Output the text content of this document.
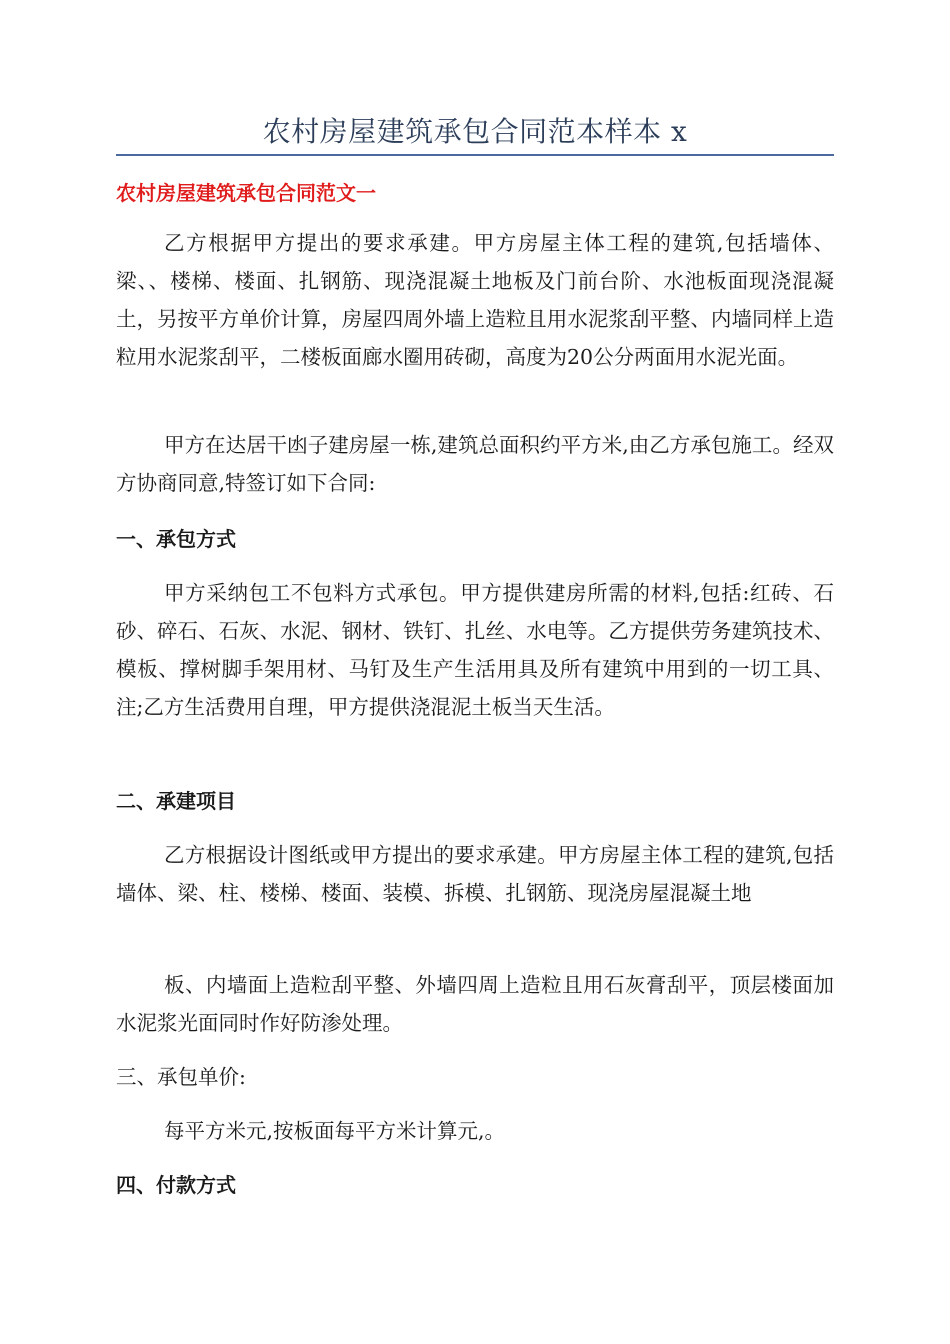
农村房屋建筑承包合同范本样本 x
农村房屋建筑承包合同范文一

乙方根据甲方提出的要求承建。甲方房屋主体工程的建筑,包括墙体、梁、、楼梯、楼面、扎钢筋、现浇混凝土地板及门前台阶、水池板面现浇混凝土，另按平方单价计算，房屋四周外墙上造粒且用水泥浆刮平整、内墙同样上造粒用水泥浆刮平，二楼板面廊水圈用砖砌，高度为20公分两面用水泥光面。

甲方在达居干凼子建房屋一栋,建筑总面积约平方米,由乙方承包施工。经双方协商同意,特签订如下合同:

一、承包方式

甲方采纳包工不包料方式承包。甲方提供建房所需的材料,包括:红砖、石砂、碎石、石灰、水泥、钢材、铁钉、扎丝、水电等。乙方提供劳务建筑技术、模板、撑树脚手架用材、马钉及生产生活用具及所有建筑中用到的一切工具、注;乙方生活费用自理，甲方提供浇混泥土板当天生活。

二、承建项目

乙方根据设计图纸或甲方提出的要求承建。甲方房屋主体工程的建筑,包括墙体、梁、柱、楼梯、楼面、装模、拆模、扎钢筋、现浇房屋混凝土地

板、内墙面上造粒刮平整、外墙四周上造粒且用石灰膏刮平，顶层楼面加水泥浆光面同时作好防渗处理。

三、承包单价:

每平方米元,按板面每平方米计算元,。

四、付款方式
